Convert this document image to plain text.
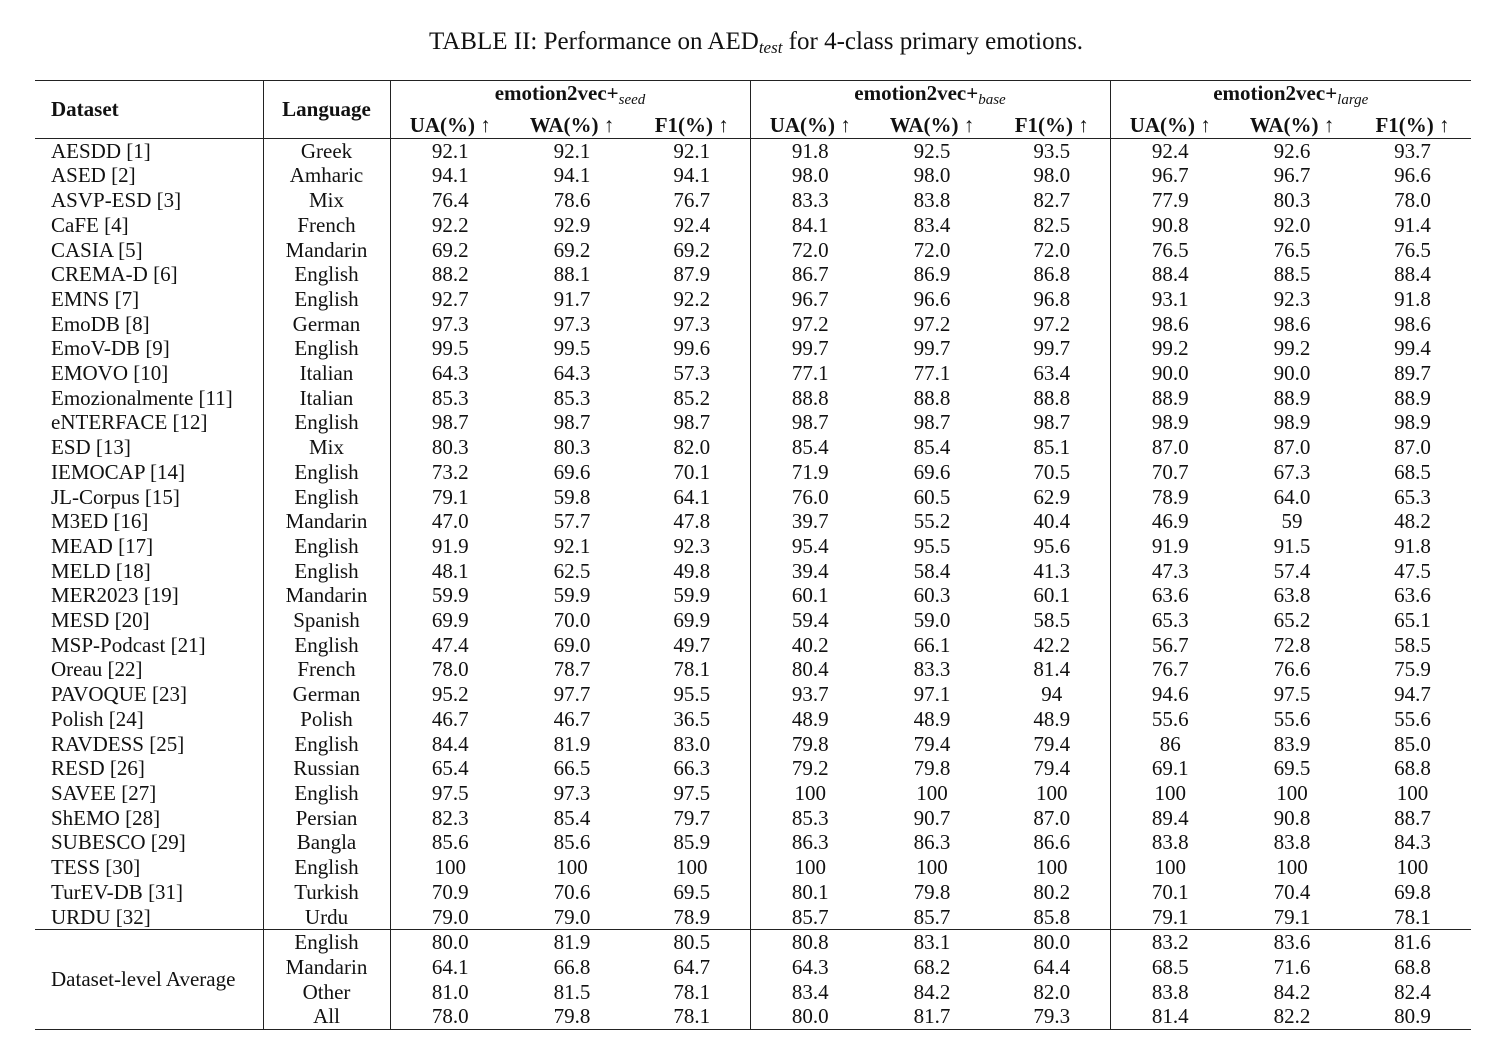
TABLE II: Performance on $AED_{test}$ for 4-class primary emotions.
Dataset	Language	$emotion2vec+_{seed}$			$emotion2vec+_{base}$			$emotion2vec+_{large}$
		UA(%) ↑	WA(%) ↑	F1(%) ↑	UA(%) ↑	WA(%) ↑	F1(%) ↑	UA(%) ↑	WA(%) ↑	F1(%) ↑
AESDD [1]	Greek	92.1	92.1	92.1	91.8	92.5	93.5	92.4	92.6	93.7
ASED [2]	Amharic	94.1	94.1	94.1	98.0	98.0	98.0	96.7	96.7	96.6
ASVP-ESD [3]	Mix	76.4	78.6	76.7	83.3	83.8	82.7	77.9	80.3	78.0
CaFE [4]	French	92.2	92.9	92.4	84.1	83.4	82.5	90.8	92.0	91.4
CASIA [5]	Mandarin	69.2	69.2	69.2	72.0	72.0	72.0	76.5	76.5	76.5
CREMA-D [6]	English	88.2	88.1	87.9	86.7	86.9	86.8	88.4	88.5	88.4
EMNS [7]	English	92.7	91.7	92.2	96.7	96.6	96.8	93.1	92.3	91.8
EmoDB [8]	German	97.3	97.3	97.3	97.2	97.2	97.2	98.6	98.6	98.6
EmoV-DB [9]	English	99.5	99.5	99.6	99.7	99.7	99.7	99.2	99.2	99.4
EMOVO [10]	Italian	64.3	64.3	57.3	77.1	77.1	63.4	90.0	90.0	89.7
Emozionalmente [11]	Italian	85.3	85.3	85.2	88.8	88.8	88.8	88.9	88.9	88.9
eNTERFACE [12]	English	98.7	98.7	98.7	98.7	98.7	98.7	98.9	98.9	98.9
ESD [13]	Mix	80.3	80.3	82.0	85.4	85.4	85.1	87.0	87.0	87.0
IEMOCAP [14]	English	73.2	69.6	70.1	71.9	69.6	70.5	70.7	67.3	68.5
JL-Corpus [15]	English	79.1	59.8	64.1	76.0	60.5	62.9	78.9	64.0	65.3
M3ED [16]	Mandarin	47.0	57.7	47.8	39.7	55.2	40.4	46.9	59	48.2
MEAD [17]	English	91.9	92.1	92.3	95.4	95.5	95.6	91.9	91.5	91.8
MELD [18]	English	48.1	62.5	49.8	39.4	58.4	41.3	47.3	57.4	47.5
MER2023 [19]	Mandarin	59.9	59.9	59.9	60.1	60.3	60.1	63.6	63.8	63.6
MESD [20]	Spanish	69.9	70.0	69.9	59.4	59.0	58.5	65.3	65.2	65.1
MSP-Podcast [21]	English	47.4	69.0	49.7	40.2	66.1	42.2	56.7	72.8	58.5
Oreau [22]	French	78.0	78.7	78.1	80.4	83.3	81.4	76.7	76.6	75.9
PAVOQUE [23]	German	95.2	97.7	95.5	93.7	97.1	94	94.6	97.5	94.7
Polish [24]	Polish	46.7	46.7	36.5	48.9	48.9	48.9	55.6	55.6	55.6
RAVDESS [25]	English	84.4	81.9	83.0	79.8	79.4	79.4	86	83.9	85.0
RESD [26]	Russian	65.4	66.5	66.3	79.2	79.8	79.4	69.1	69.5	68.8
SAVEE [27]	English	97.5	97.3	97.5	100	100	100	100	100	100
ShEMO [28]	Persian	82.3	85.4	79.7	85.3	90.7	87.0	89.4	90.8	88.7
SUBESCO [29]	Bangla	85.6	85.6	85.9	86.3	86.3	86.6	83.8	83.8	84.3
TESS [30]	English	100	100	100	100	100	100	100	100	100
TurEV-DB [31]	Turkish	70.9	70.6	69.5	80.1	79.8	80.2	70.1	70.4	69.8
URDU [32]	Urdu	79.0	79.0	78.9	85.7	85.7	85.8	79.1	79.1	78.1
Dataset-level Average	English	80.0	81.9	80.5	80.8	83.1	80.0	83.2	83.6	81.6
	Mandarin	64.1	66.8	64.7	64.3	68.2	64.4	68.5	71.6	68.8
	Other	81.0	81.5	78.1	83.4	84.2	82.0	83.8	84.2	82.4
	All	78.0	79.8	78.1	80.0	81.7	79.3	81.4	82.2	80.9
